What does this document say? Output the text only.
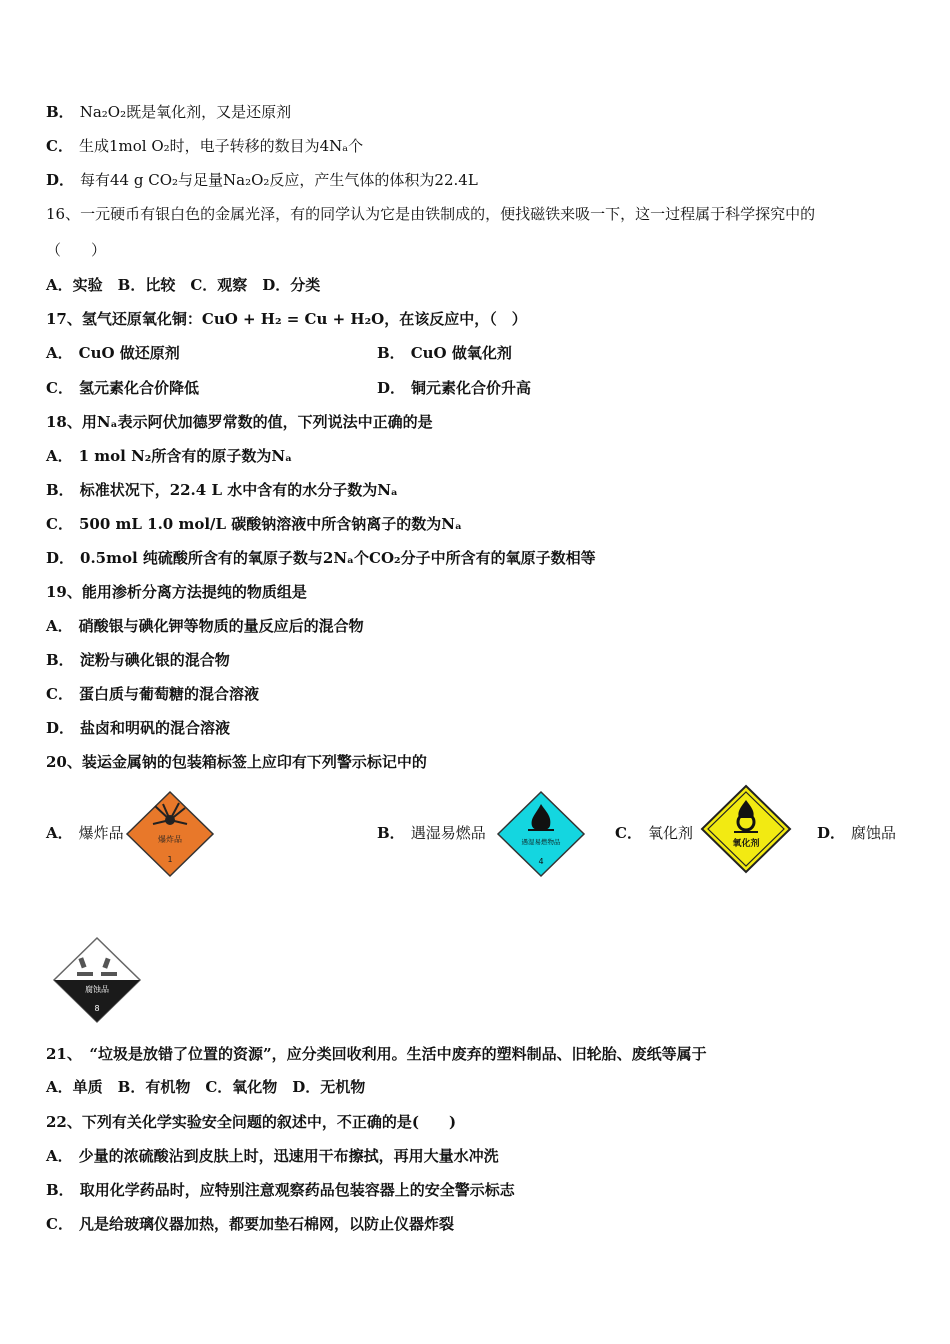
B． Na₂O₂既是氧化剂，又是还原剂
C． 生成1mol O₂时，电子转移的数目为4Nₐ个
D． 每有44 g CO₂与足量Na₂O₂反应，产生气体的体积为22.4L
16、一元硬币有银白色的金属光泽，有的同学认为它是由铁制成的，便找磁铁来吸一下，这一过程属于科学探究中的
（　　）
A．实验　B．比较　C．观察　D．分类
17、氢气还原氧化铜：CuO + H₂ = Cu + H₂O，在该反应中，（　）
A． CuO 做还原剂	B． CuO 做氧化剂
C． 氢元素化合价降低	D． 铜元素化合价升高
18、用Nₐ表示阿伏加德罗常数的值，下列说法中正确的是
A． 1 mol N₂所含有的原子数为Nₐ
B． 标准状况下，22.4 L 水中含有的水分子数为Nₐ
C． 500 mL 1.0 mol/L 碳酸钠溶液中所含钠离子的数为Nₐ
D． 0.5mol 纯硫酸所含有的氧原子数与2Nₐ个CO₂分子中所含有的氧原子数相等
19、能用渗析分离方法提纯的物质组是
A． 硝酸银与碘化钾等物质的量反应后的混合物
B． 淀粉与碘化银的混合物
C． 蛋白质与葡萄糖的混合溶液
D． 盐卤和明矾的混合溶液
20、装运金属钠的包装箱标签上应印有下列警示标记中的
A． 爆炸品	爆炸品
1
B． 遇湿易燃品	遇湿易燃物品
4
C． 氧化剂
氧化剂
D． 腐蚀品
腐蚀品
8
21、　“垃圾是放错了位置的资源”，应分类回收利用。生活中废弃的塑料制品、旧轮胎、废纸等属于
A．单质　B．有机物　C．氧化物　D．无机物
22、下列有关化学实验安全问题的叙述中，不正确的是(　　)
A． 少量的浓硫酸沾到皮肤上时，迅速用干布擦拭，再用大量水冲洗
B． 取用化学药品时，应特别注意观察药品包装容器上的安全警示标志
C． 凡是给玻璃仪器加热，都要加垫石棉网，以防止仪器炸裂
